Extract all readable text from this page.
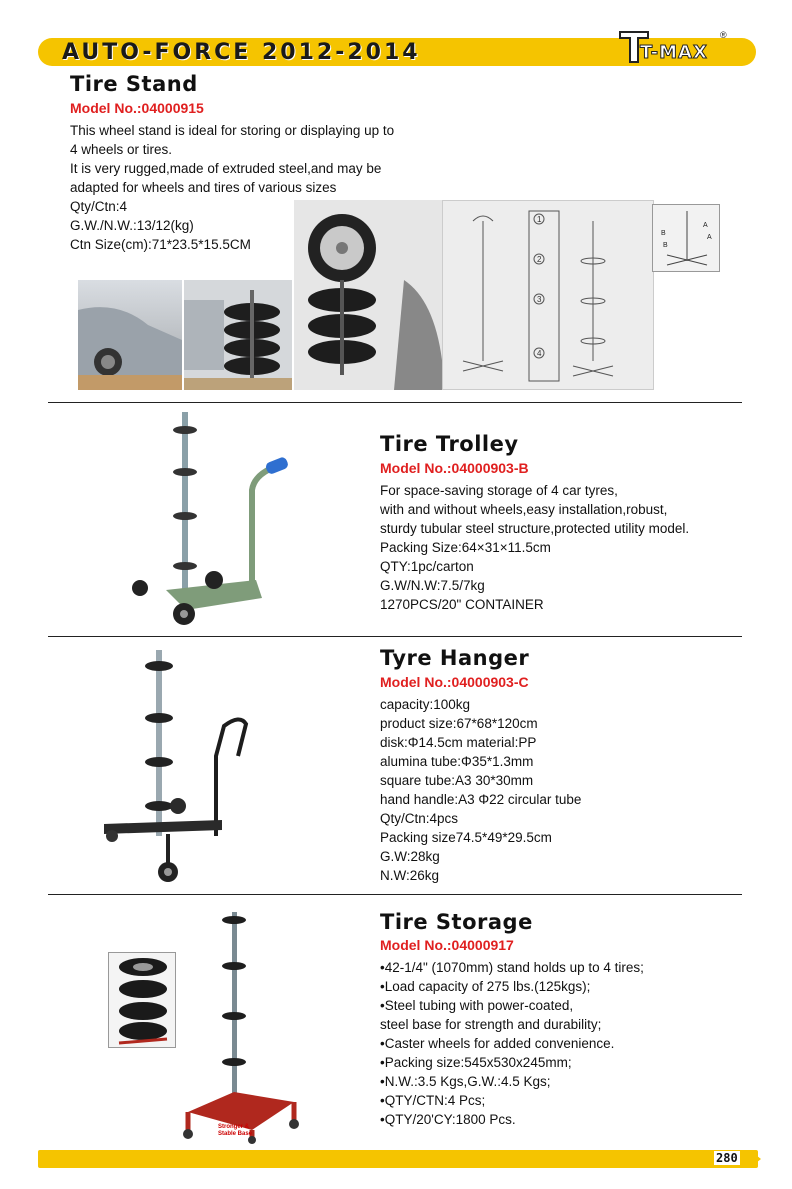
AUTO-FORCE 2012-2014	T-MAX
®
Tire Stand
Model No.:04000915
This wheel stand is ideal for storing or displaying up to
4 wheels or tires.
It is very rugged,made of extruded steel,and may be
adapted for wheels and tires of various sizes
Qty/Ctn:4
G.W./N.W.:13/12(kg)
Ctn Size(cm):71*23.5*15.5CM
1
2
3
4
A
A
B
B
Tire Trolley
Model No.:04000903-B
For space-saving storage of 4 car tyres,
with and without wheels,easy installation,robust,
sturdy tubular steel structure,protected utility model.
Packing Size:64×31×11.5cm
QTY:1pc/carton
G.W/N.W:7.5/7kg
1270PCS/20" CONTAINER
Tyre Hanger
Model No.:04000903-C
capacity:100kg
product size:67*68*120cm
disk:Φ14.5cm material:PP
alumina tube:Φ35*1.3mm
square tube:A3 30*30mm
hand handle:A3 Φ22 circular tube
Qty/Ctn:4pcs
Packing size74.5*49*29.5cm
G.W:28kg
N.W:26kg
Stronger &
Stable Base
Tire Storage
Model No.:04000917
•42-1/4" (1070mm) stand holds up to 4 tires;
•Load capacity of 275 lbs.(125kgs);
•Steel tubing with power-coated,
steel base for strength and durability;
•Caster wheels for added convenience.
•Packing size:545x530x245mm;
•N.W.:3.5 Kgs,G.W.:4.5 Kgs;
•QTY/CTN:4 Pcs;
•QTY/20'CY:1800 Pcs.
280
